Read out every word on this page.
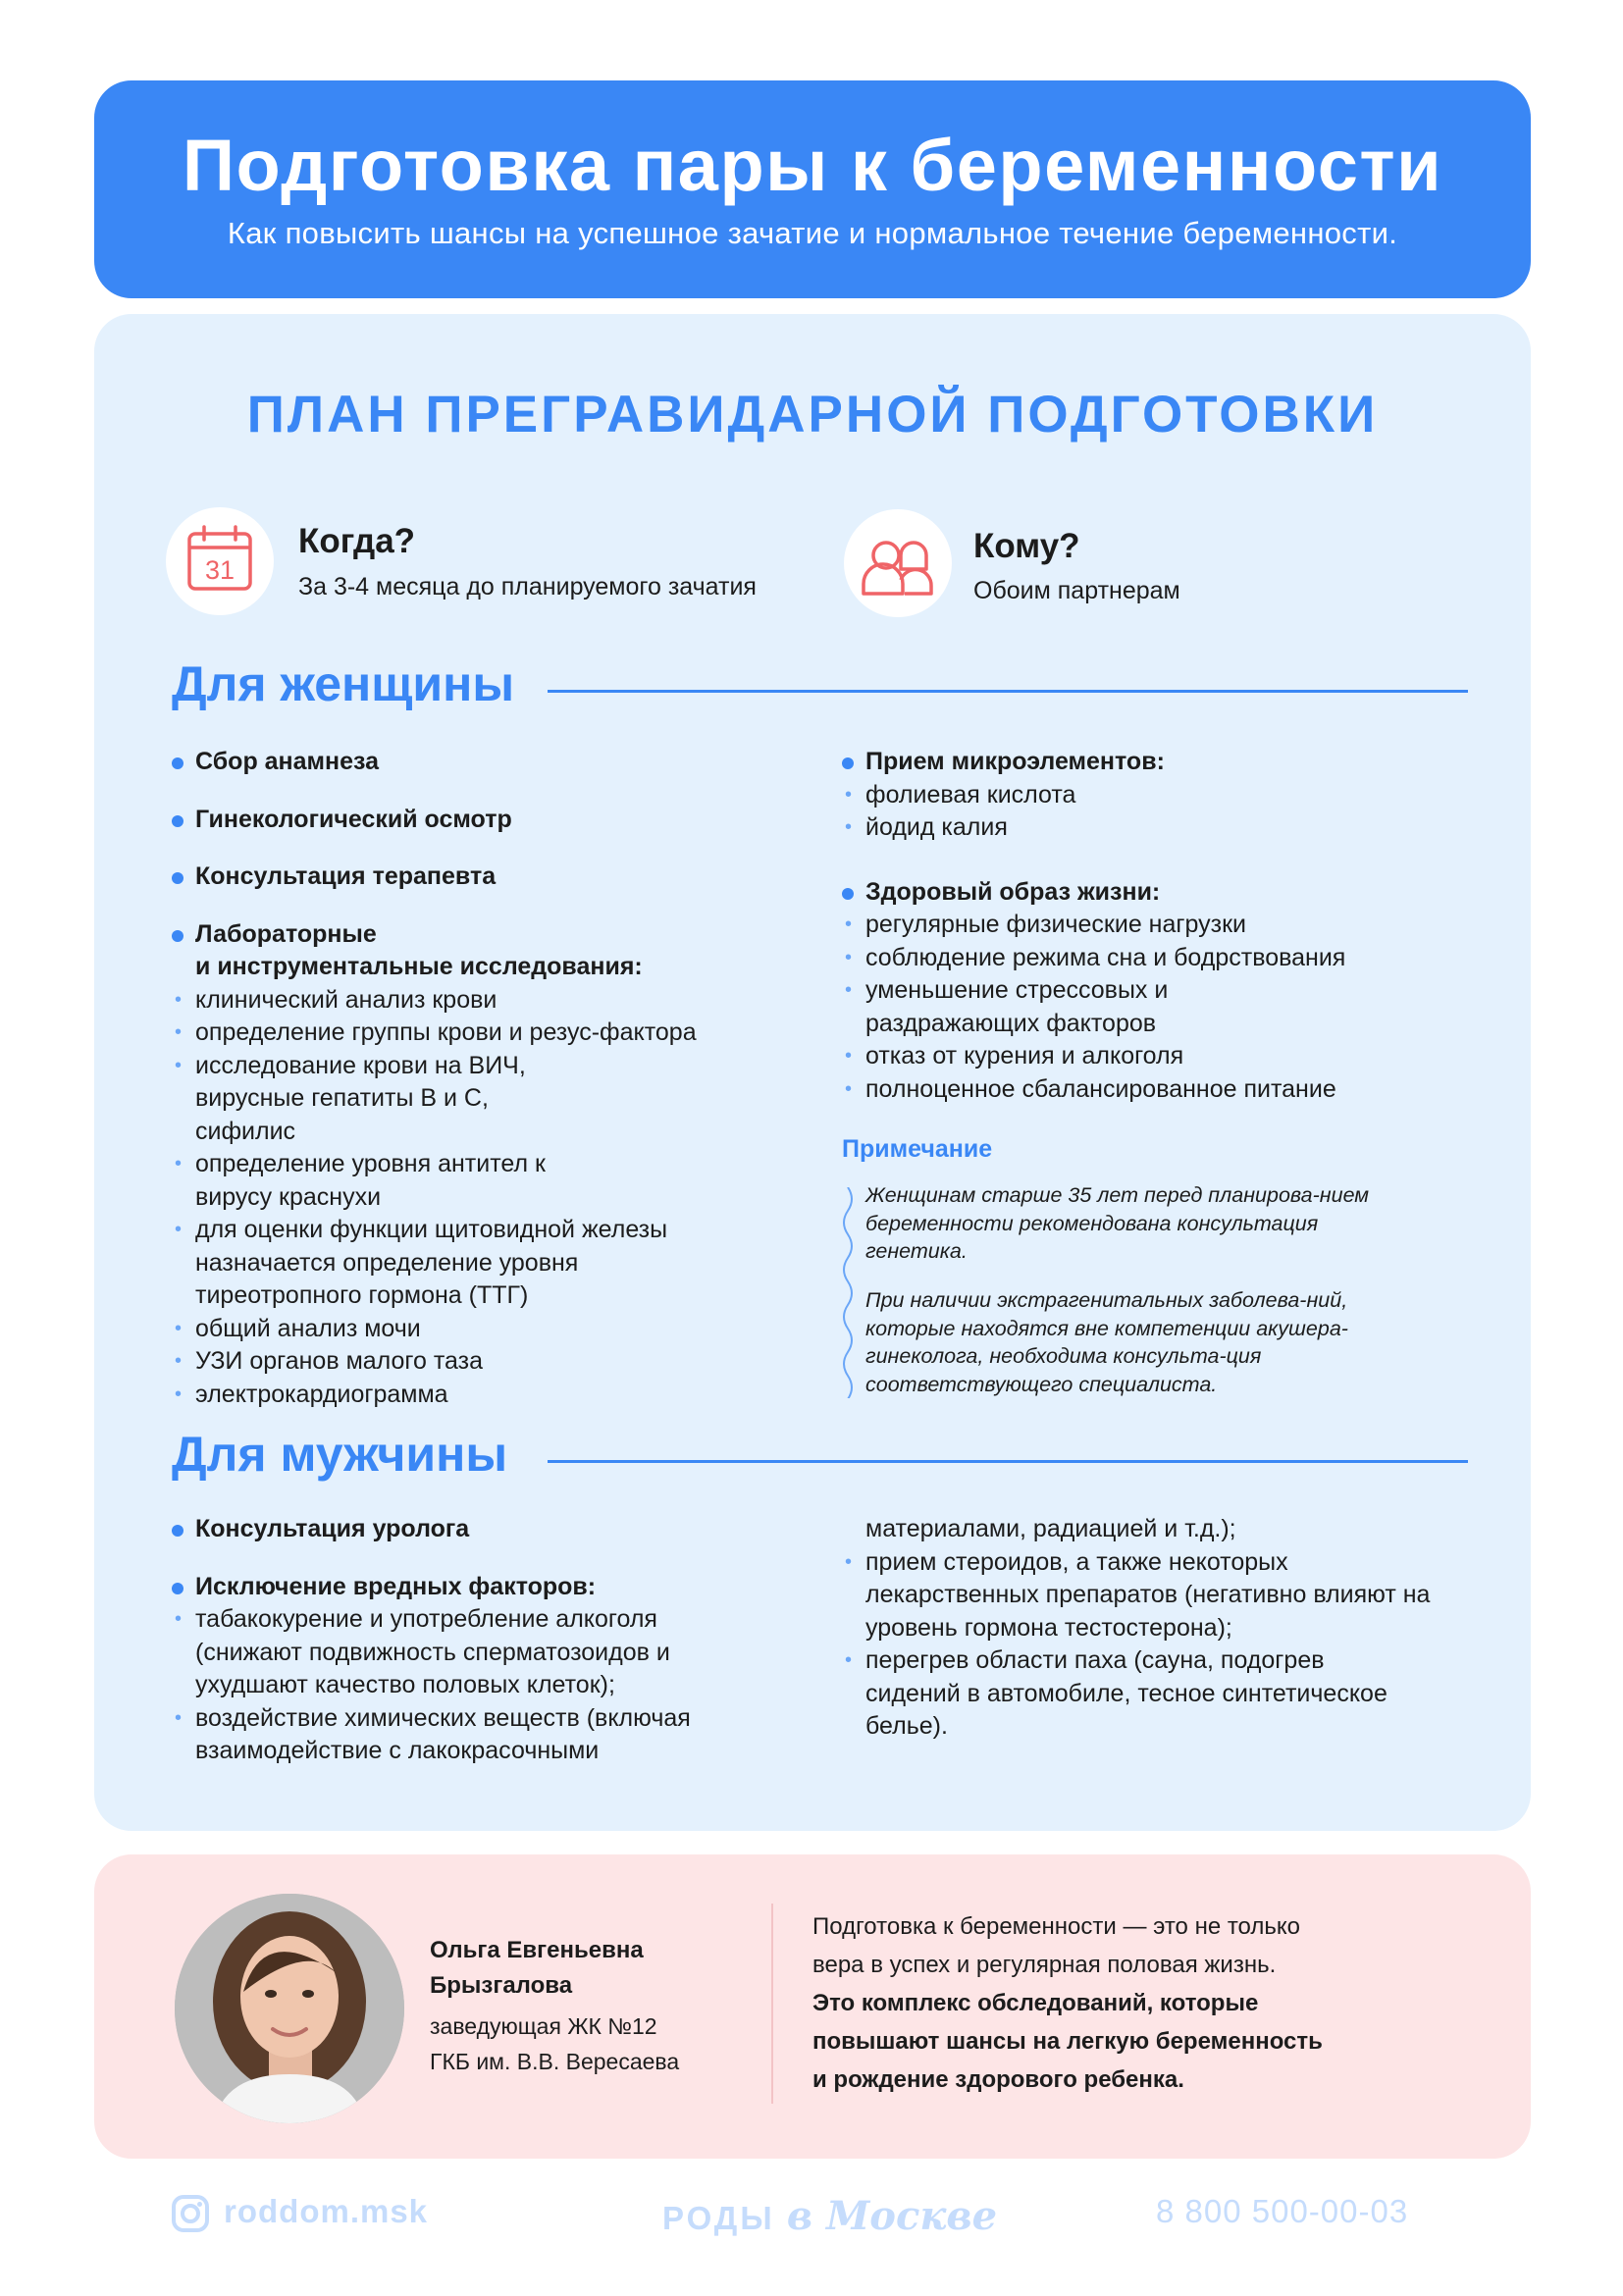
Подготовка пары к беременности
Как повысить шансы на успешное зачатие и нормальное течение беременности.
ПЛАН ПРЕГРАВИДАРНОЙ ПОДГОТОВКИ
31
Когда?
За 3-4 месяца до планируемого зачатия
Кому?
Обоим партнерам
Для женщины
Сбор анамнеза
Гинекологический осмотр
Консультация терапевта
Лабораторные
и инструментальные исследования:
• клинический анализ крови
• определение группы крови и резус-фактора
• исследование крови на ВИЧ, вирусные гепатиты В и С, сифилис
• определение уровня антител к вирусу краснухи
• для оценки функции щитовидной железы назначается определение уровня тиреотропного гормона (ТТГ)
• общий анализ мочи
• УЗИ органов малого таза
• электрокардиограмма
Прием микроэлементов:
• фолиевая кислота
• йодид калия
Здоровый образ жизни:
• регулярные физические нагрузки
• соблюдение режима сна и бодрствования
• уменьшение стрессовых и раздражающих факторов
• отказ от курения и алкоголя
• полноценное сбалансированное питание
Примечание
Женщинам старше 35 лет перед планирова-нием беременности рекомендована консультация генетика.
При наличии экстрагенитальных заболева-ний, которые находятся вне компетенции акушера-гинеколога, необходима консульта-ция соответствующего специалиста.
Для мужчины
Консультация уролога
Исключение вредных факторов:
• табакокурение и употребление алкоголя (снижают подвижность сперматозоидов и ухудшают качество половых клеток);
• воздействие химических веществ (включая взаимодействие с лакокрасочными
материалами, радиацией и т.д.);
• прием стероидов, а также некоторых лекарственных препаратов (негативно влияют на уровень гормона тестостерона);
• перегрев области паха (сауна, подогрев сидений в автомобиле, тесное синтетическое белье).
Ольга Евгеньевна
Брызгалова
заведующая ЖК №12
ГКБ им. В.В. Вересаева
Подготовка к беременности — это не только
вера в успех и регулярная половая жизнь.
Это комплекс обследований, которые
повышают шансы на легкую беременность
и рождение здорового ребенка.
roddom.msk	РОДЫ в Москве	8 800 500-00-03
